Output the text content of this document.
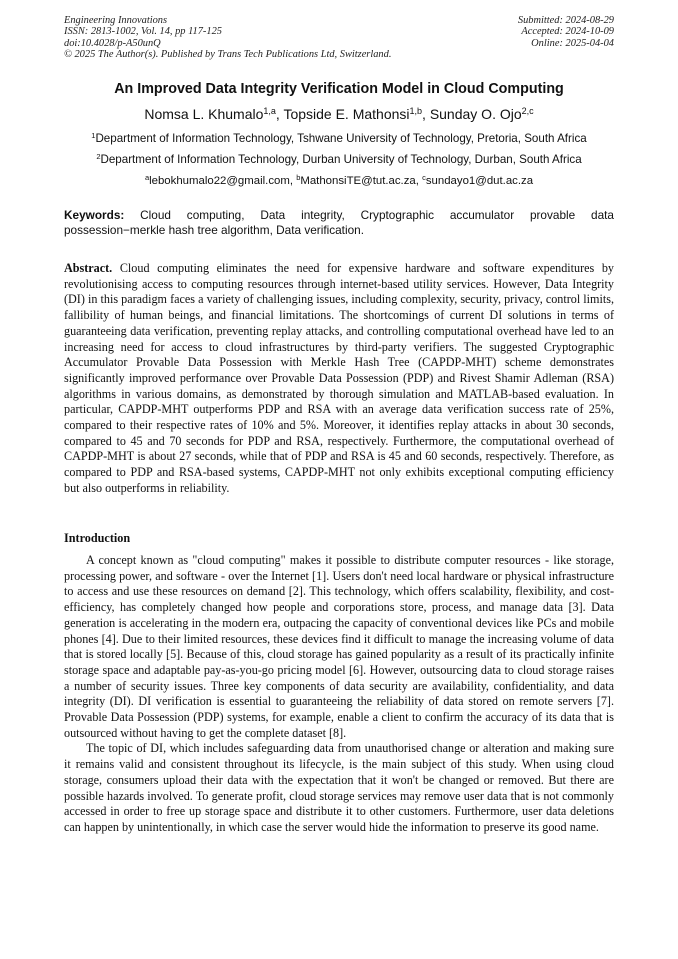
Engineering Innovations
ISSN: 2813-1002, Vol. 14, pp 117-125
doi:10.4028/p-A50unQ
© 2025 The Author(s). Published by Trans Tech Publications Ltd, Switzerland.
Submitted: 2024-08-29
Accepted: 2024-10-09
Online: 2025-04-04
An Improved Data Integrity Verification Model in Cloud Computing
Nomsa L. Khumalo$^{1,a}$, Topside E. Mathonsi$^{1,b}$, Sunday O. Ojo$^{2,c}$
$^1$Department of Information Technology, Tshwane University of Technology, Pretoria, South Africa
$^2$Department of Information Technology, Durban University of Technology, Durban, South Africa
$^a$lebokhumalo22@gmail.com, $^b$MathonsiTE@tut.ac.za, $^c$sundayo1@dut.ac.za
Keywords: Cloud computing, Data integrity, Cryptographic accumulator provable data possession−merkle hash tree algorithm, Data verification.
Abstract. Cloud computing eliminates the need for expensive hardware and software expenditures by revolutionising access to computing resources through internet-based utility services. However, Data Integrity (DI) in this paradigm faces a variety of challenging issues, including complexity, security, privacy, control limits, fallibility of human beings, and financial limitations. The shortcomings of current DI solutions in terms of guaranteeing data verification, preventing replay attacks, and controlling computational overhead have led to an increasing need for access to cloud infrastructures by third-party verifiers. The suggested Cryptographic Accumulator Provable Data Possession with Merkle Hash Tree (CAPDP-MHT) scheme demonstrates significantly improved performance over Provable Data Possession (PDP) and Rivest Shamir Adleman (RSA) algorithms in various domains, as demonstrated by thorough simulation and MATLAB-based evaluation. In particular, CAPDP-MHT outperforms PDP and RSA with an average data verification success rate of 25%, compared to their respective rates of 10% and 5%. Moreover, it identifies replay attacks in about 30 seconds, compared to 45 and 70 seconds for PDP and RSA, respectively. Furthermore, the computational overhead of CAPDP-MHT is about 27 seconds, while that of PDP and RSA is 45 and 60 seconds, respectively. Therefore, as compared to PDP and RSA-based systems, CAPDP-MHT not only exhibits exceptional computing efficiency but also outperforms in reliability.
Introduction

A concept known as "cloud computing" makes it possible to distribute computer resources - like storage, processing power, and software - over the Internet [1]. Users don't need local hardware or physical infrastructure to access and use these resources on demand [2]. This technology, which offers scalability, flexibility, and cost-efficiency, has completely changed how people and corporations store, process, and manage data [3]. Data generation is accelerating in the modern era, outpacing the capacity of conventional devices like PCs and mobile phones [4]. Due to their limited resources, these devices find it difficult to manage the increasing volume of data that is stored locally [5]. Because of this, cloud storage has gained popularity as a result of its practically infinite storage space and adaptable pay-as-you-go pricing model [6]. However, outsourcing data to cloud storage raises a number of security issues. Three key components of data security are availability, confidentiality, and data integrity (DI). DI verification is essential to guaranteeing the reliability of data stored on remote servers [7]. Provable Data Possession (PDP) systems, for example, enable a client to confirm the accuracy of its data that is outsourced without having to get the complete dataset [8].

The topic of DI, which includes safeguarding data from unauthorised change or alteration and making sure it remains valid and consistent throughout its lifecycle, is the main subject of this study. When using cloud storage, consumers upload their data with the expectation that it won't be changed or removed. But there are possible hazards involved. To generate profit, cloud storage services may remove user data that is not commonly accessed in order to free up storage space and distribute it to other customers. Furthermore, user data deletions can happen by unintentionally, in which case the server would hide the information to preserve its good name.
